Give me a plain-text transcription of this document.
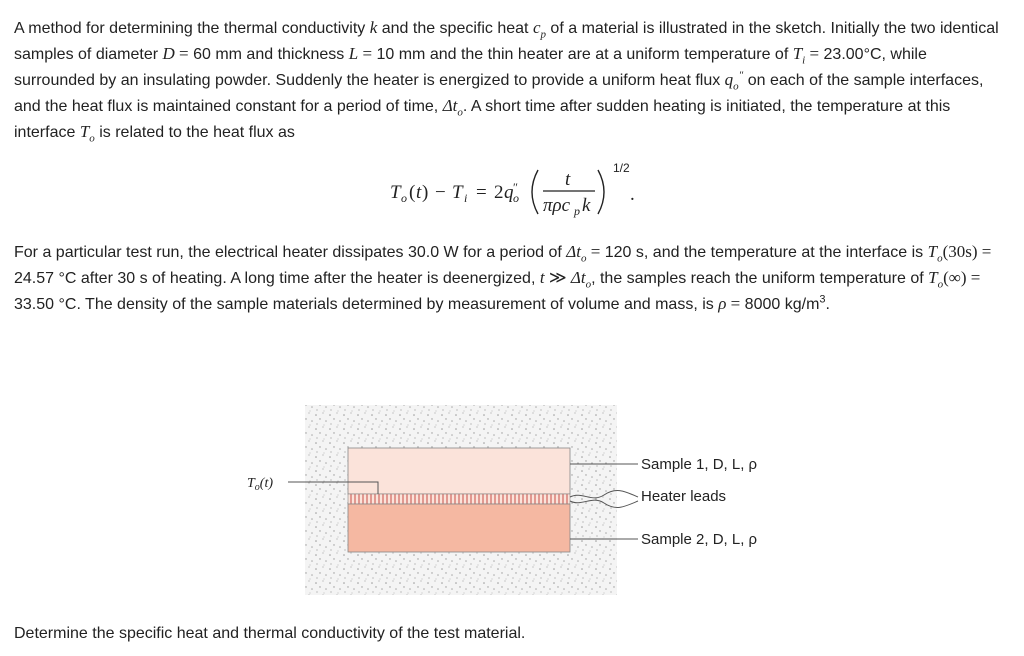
A method for determining the thermal conductivity k and the specific heat $c_p$ of a material is illustrated in the sketch. Initially the two identical samples of diameter D = 60 mm and thickness L = 10 mm and the thin heater are at a uniform temperature of $T_i = 23.00^\circ C$, while surrounded by an insulating powder. Suddenly the heater is energized to provide a uniform heat flux $q_o''$ on each of the sample interfaces, and the heat flux is maintained constant for a period of time, $\Delta t_o$. A short time after sudden heating is initiated, the temperature at this interface $T_o$ is related to the heat flux as

T o ( t ) − T i = 2 q ″
o
t
πρc p k
1/2
.

For a particular test run, the electrical heater dissipates 30.0 W for a period of $\Delta t_o = 120$ s, and the temperature at the interface is $T_o(30s) = 24.57$ °C after 30 s of heating. A long time after the heater is deenergized, t ≫ $\Delta t_o$, the samples reach the uniform temperature of $T_o(\infty) = 33.50$ °C. The density of the sample materials determined by measurement of volume and mass, is ρ = 8000 $kg/m^3$.

$T_o(t)$
Sample 1, D, L, ρ
Heater leads
Sample 2, D, L, ρ

Determine the specific heat and thermal conductivity of the test material.
